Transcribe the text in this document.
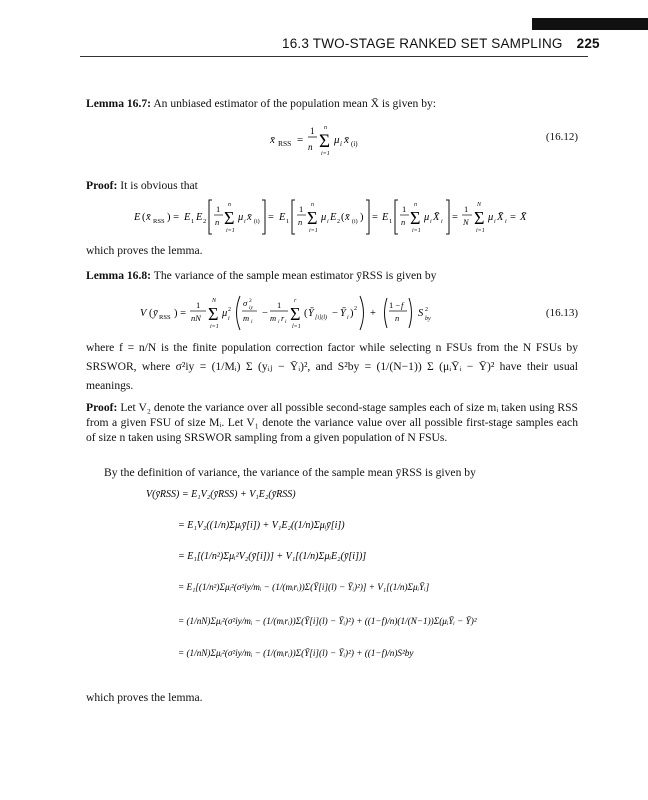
16.3 TWO-STAGE RANKED SET SAMPLING 225
Lemma 16.7: An unbiased estimator of the population mean X̄ is given by:
x̄ RSS =
1
n Σ
n
i=1
μ i x̄ (i)
(16.12)
Proof: It is obvious that
E ( x̄ RSS ) = E 1 E 2
1
n Σ
n
i=1
μ i x̄ (i) = E 1
1
n Σ
n
i=1
μ i E 2 ( x̄ (i) ) = E 1
1
n Σ
n
i=1
μ i X̄ i =
1
N Σ
N
i=1
μ i X̄ i = X̄
which proves the lemma.
Lemma 16.8: The variance of the sample mean estimator ȳRSS is given by
V ( ȳ RSS ) =
1
nN Σ
N
i=1
μ 2
i
σ 2
iy
m i
−
1
m i r i Σ
r
l=1
( Ȳ [i](l) − Ȳ i ) 2 +
1 − f
n S 2
by	(16.13)
where f = n/N is the finite population correction factor while selecting n FSUs from the N FSUs by SRSWOR, where σ²iy = (1/Mᵢ) Σ (yᵢⱼ − Ȳᵢ)², and S²by = (1/(N−1)) Σ (μᵢȲᵢ − Ȳ)² have their usual meanings.
Proof: Let V₂ denote the variance over all possible second-stage samples each of size mᵢ taken using RSS from a given FSU of size Mᵢ. Let V₁ denote the variance value over all possible first-stage samples each of size n taken using SRSWOR sampling from a given population of N FSUs.
By the definition of variance, the variance of the sample mean ȳRSS is given by
V(ȳRSS) = E₁V₂(ȳRSS) + V₁E₂(ȳRSS)
= E₁V₂((1/n)Σμᵢȳ[i]) + V₁E₂((1/n)Σμᵢȳ[i])
= E₁[(1/n²)Σμᵢ²V₂(ȳ[i])] + V₁[(1/n)ΣμᵢE₂(ȳ[i])]
= E₁[(1/n²)Σμᵢ²(σ²iy/mᵢ − (1/(mᵢrᵢ))Σ(Ȳ[i](l) − Ȳᵢ)²)] + V₁[(1/n)ΣμᵢȲᵢ]
= (1/nN)Σμᵢ²(σ²iy/mᵢ − (1/(mᵢrᵢ))Σ(Ȳ[i](l) − Ȳᵢ)²) + ((1−f)/n)(1/(N−1))Σ(μᵢȲᵢ − Ȳ)²
= (1/nN)Σμᵢ²(σ²iy/mᵢ − (1/(mᵢrᵢ))Σ(Ȳ[i](l) − Ȳᵢ)²) + ((1−f)/n)S²by
which proves the lemma.
